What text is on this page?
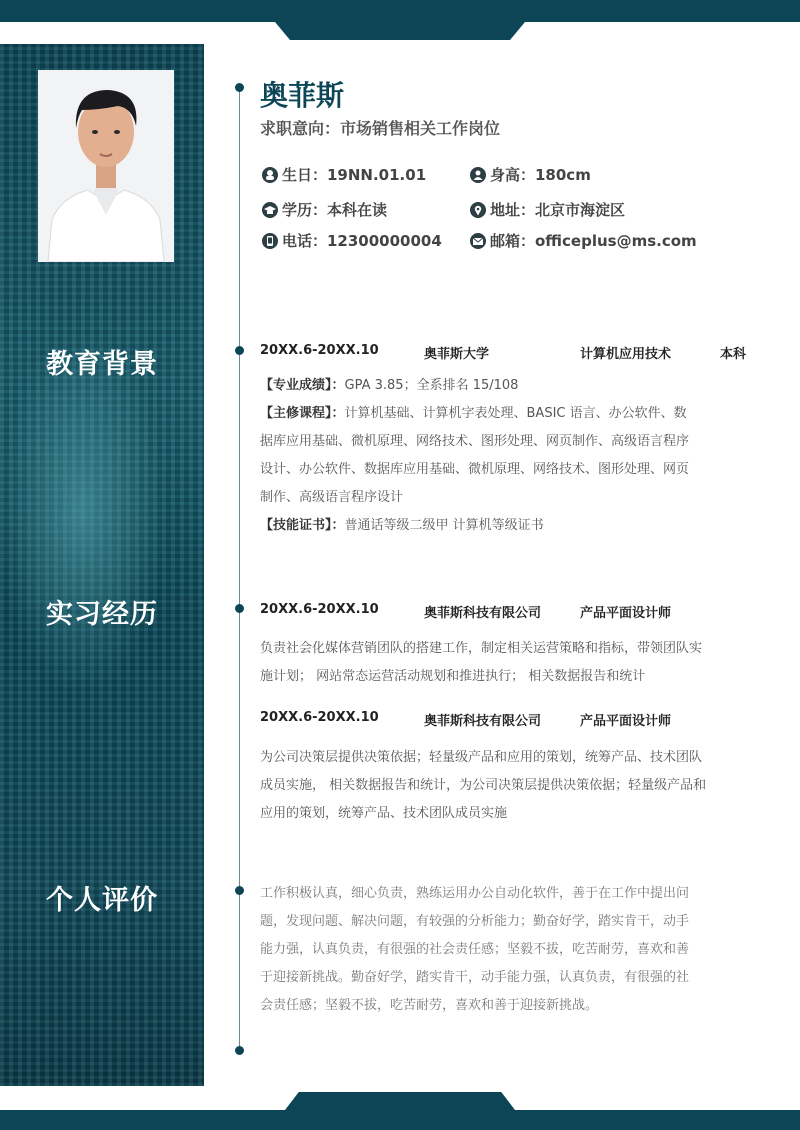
教育背景
实习经历
个人评价
奥菲斯
求职意向：市场销售相关工作岗位
生日：19NN.01.01	身高：180cm
学历：本科在读	地址：北京市海淀区
电话：12300000004	邮箱：officeplus@ms.com
20XX.6-20XX.10	奥菲斯大学	计算机应用技术	本科
【专业成绩】：GPA 3.85；全系排名 15/108
【主修课程】：计算机基础、计算机字表处理、BASIC 语言、办公软件、数
据库应用基础、微机原理、网络技术、图形处理、网页制作、高级语言程序
设计、办公软件、数据库应用基础、微机原理、网络技术、图形处理、网页
制作、高级语言程序设计
【技能证书】：普通话等级二级甲 计算机等级证书
20XX.6-20XX.10	奥菲斯科技有限公司	产品平面设计师
负责社会化媒体营销团队的搭建工作，制定相关运营策略和指标，带领团队实
施计划； 网站常态运营活动规划和推进执行； 相关数据报告和统计
20XX.6-20XX.10	奥菲斯科技有限公司	产品平面设计师
为公司决策层提供决策依据；轻量级产品和应用的策划，统筹产品、技术团队
成员实施， 相关数据报告和统计，为公司决策层提供决策依据；轻量级产品和
应用的策划，统筹产品、技术团队成员实施
工作积极认真，细心负责，熟练运用办公自动化软件，善于在工作中提出问
题，发现问题、解决问题，有较强的分析能力；勤奋好学，踏实肯干，动手
能力强，认真负责，有很强的社会责任感；坚毅不拔，吃苦耐劳，喜欢和善
于迎接新挑战。勤奋好学，踏实肯干，动手能力强，认真负责，有很强的社
会责任感；坚毅不拔，吃苦耐劳，喜欢和善于迎接新挑战。
